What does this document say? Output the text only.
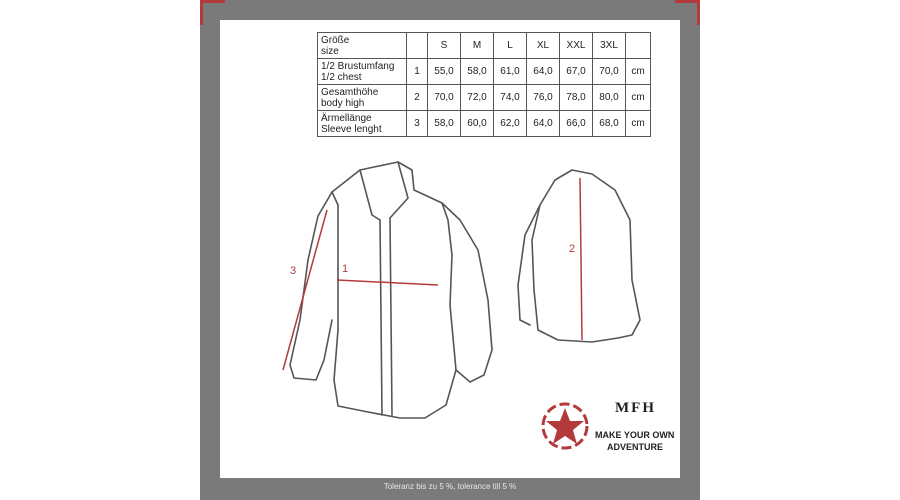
Größe
size		S	M	L	XL	XXL	3XL	
1/2 Brustumfang
1/2 chest	1	55,0	58,0	61,0	64,0	67,0	70,0	cm
Gesamthöhe
body high	2	70,0	72,0	74,0	76,0	78,0	80,0	cm
Ärmellänge
Sleeve lenght	3	58,0	60,0	62,0	64,0	66,0	68,0	cm
1
3
2
MFH
MAKE YOUR OWN
ADVENTURE
Toleranz bis zu 5 %, tolerance till 5 %
